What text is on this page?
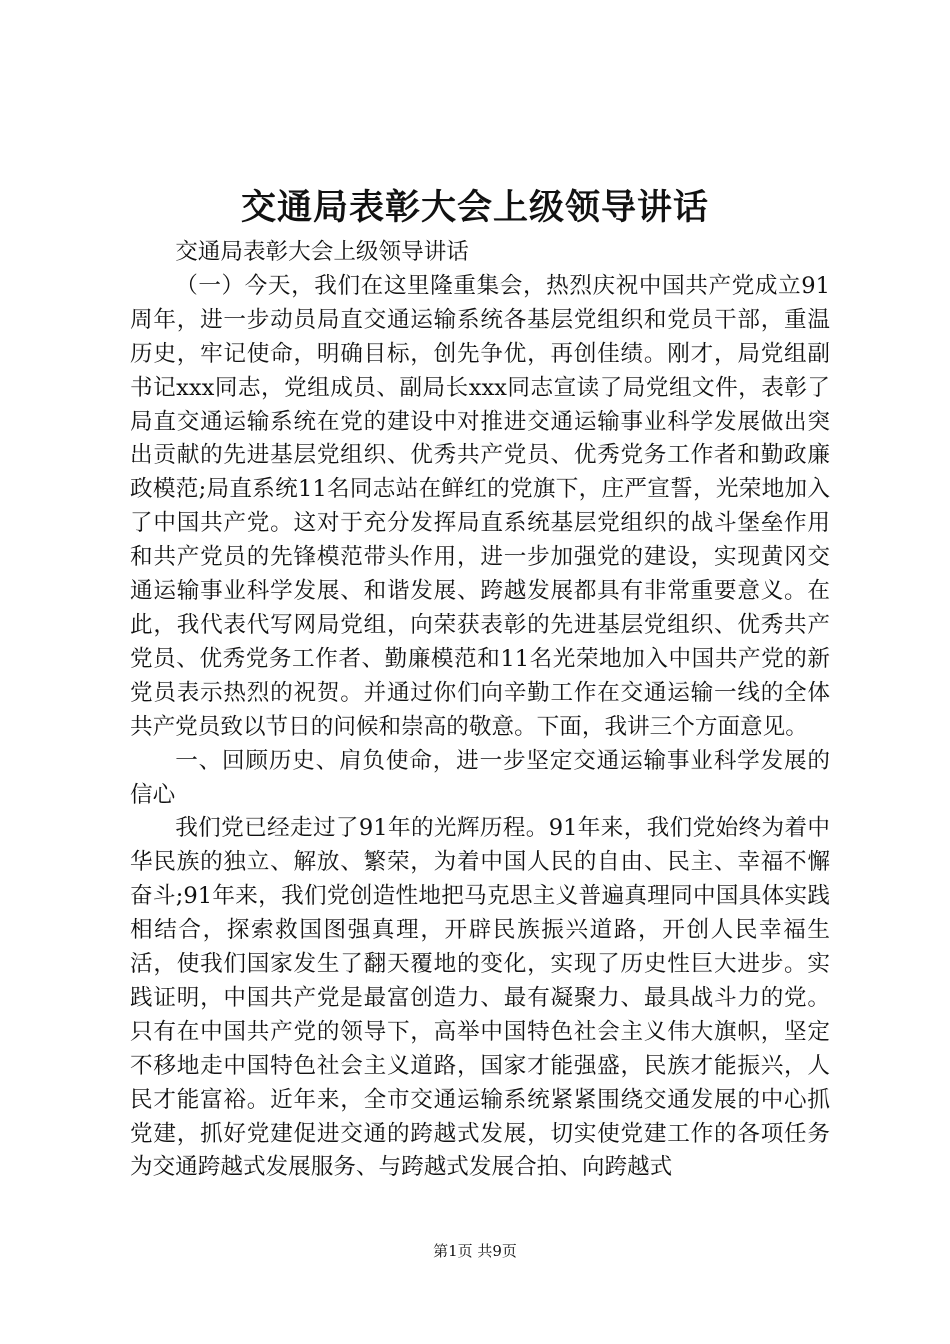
交通局表彰大会上级领导讲话

交通局表彰大会上级领导讲话

（一）今天，我们在这里隆重集会，热烈庆祝中国共产党成立91周年，进一步动员局直交通运输系统各基层党组织和党员干部，重温历史，牢记使命，明确目标，创先争优，再创佳绩。刚才，局党组副书记xxx同志，党组成员、副局长xxx同志宣读了局党组文件，表彰了局直交通运输系统在党的建设中对推进交通运输事业科学发展做出突出贡献的先进基层党组织、优秀共产党员、优秀党务工作者和勤政廉政模范;局直系统11名同志站在鲜红的党旗下，庄严宣誓，光荣地加入了中国共产党。这对于充分发挥局直系统基层党组织的战斗堡垒作用和共产党员的先锋模范带头作用，进一步加强党的建设，实现黄冈交通运输事业科学发展、和谐发展、跨越发展都具有非常重要意义。在此，我代表代写网局党组，向荣获表彰的先进基层党组织、优秀共产党员、优秀党务工作者、勤廉模范和11名光荣地加入中国共产党的新党员表示热烈的祝贺。并通过你们向辛勤工作在交通运输一线的全体共产党员致以节日的问候和崇高的敬意。下面，我讲三个方面意见。

一、回顾历史、肩负使命，进一步坚定交通运输事业科学发展的信心

我们党已经走过了91年的光辉历程。91年来，我们党始终为着中华民族的独立、解放、繁荣，为着中国人民的自由、民主、幸福不懈奋斗;91年来，我们党创造性地把马克思主义普遍真理同中国具体实践相结合，探索救国图强真理，开辟民族振兴道路，开创人民幸福生活，使我们国家发生了翻天覆地的变化，实现了历史性巨大进步。实践证明，中国共产党是最富创造力、最有凝聚力、最具战斗力的党。只有在中国共产党的领导下，高举中国特色社会主义伟大旗帜，坚定不移地走中国特色社会主义道路，国家才能强盛，民族才能振兴，人民才能富裕。近年来，全市交通运输系统紧紧围绕交通发展的中心抓党建，抓好党建促进交通的跨越式发展，切实使党建工作的各项任务为交通跨越式发展服务、与跨越式发展合拍、向跨越式

第1页 共9页
